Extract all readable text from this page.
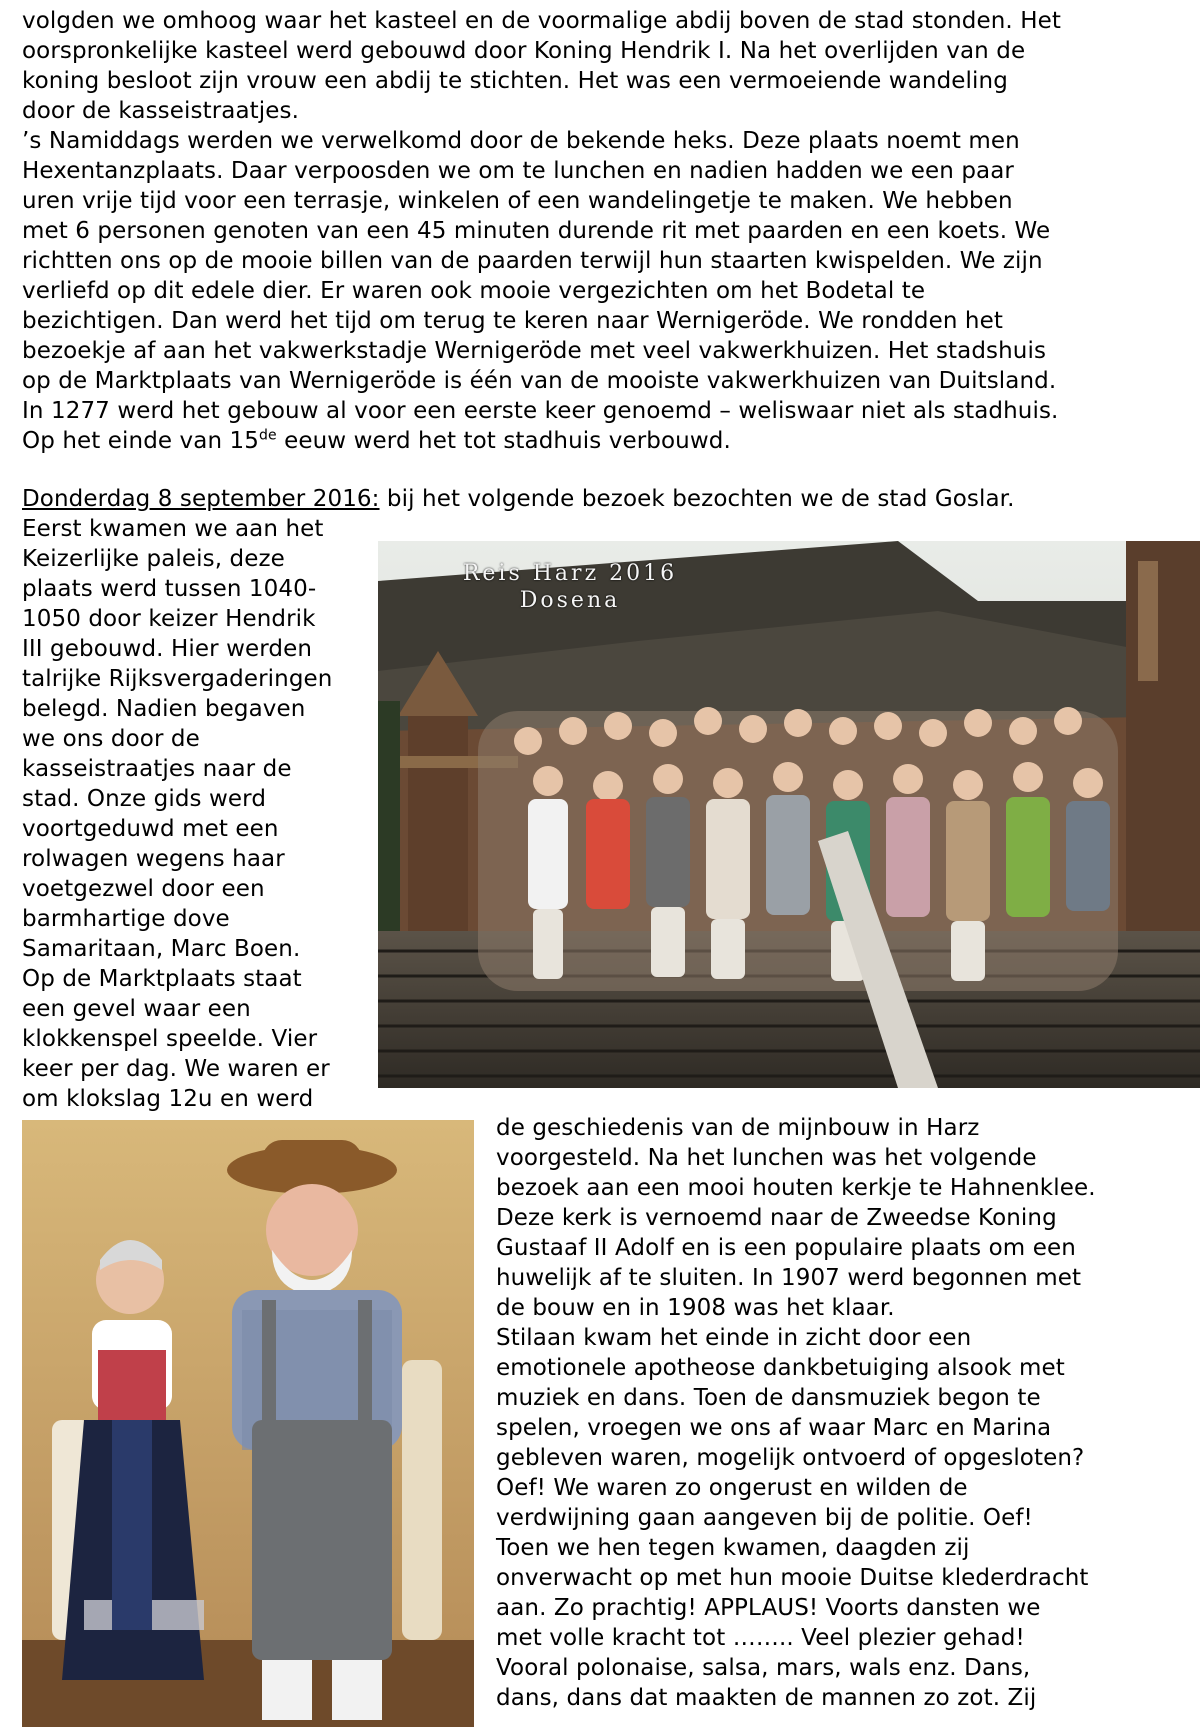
volgden we omhoog waar het kasteel en de voormalige abdij boven de stad stonden. Het
oorspronkelijke kasteel werd gebouwd door Koning Hendrik I. Na het overlijden van de
koning besloot zijn vrouw een abdij te stichten. Het was een vermoeiende wandeling
door de kasseistraatjes.
’s Namiddags werden we verwelkomd door de bekende heks. Deze plaats noemt men
Hexentanzplaats. Daar verpoosden we om te lunchen en nadien hadden we een paar
uren vrije tijd voor een terrasje, winkelen of een wandelingetje te maken. We hebben
met 6 personen genoten van een 45 minuten durende rit met paarden en een koets. We
richtten ons op de mooie billen van de paarden terwijl hun staarten kwispelden. We zijn
verliefd op dit edele dier. Er waren ook mooie vergezichten om het Bodetal te
bezichtigen. Dan werd het tijd om terug te keren naar Wernigeröde. We rondden het
bezoekje af aan het vakwerkstadje Wernigeröde met veel vakwerkhuizen. Het stadshuis
op de Marktplaats van Wernigeröde is één van de mooiste vakwerkhuizen van Duitsland.
In 1277 werd het gebouw al voor een eerste keer genoemd – weliswaar niet als stadhuis.
Op het einde van 15de eeuw werd het tot stadhuis verbouwd.
Donderdag 8 september 2016: bij het volgende bezoek bezochten we de stad Goslar.
Eerst kwamen we aan het
Keizerlijke paleis, deze
plaats werd tussen 1040-
1050 door keizer Hendrik
III gebouwd. Hier werden
talrijke Rijksvergaderingen
belegd. Nadien begaven
we ons door de
kasseistraatjes naar de
stad. Onze gids werd
voortgeduwd met een
rolwagen wegens haar
voetgezwel door een
barmhartige dove
Samaritaan, Marc Boen.
Op de Marktplaats staat
een gevel waar een
klokkenspel speelde. Vier
keer per dag. We waren er
om klokslag 12u en werd
Reis Harz 2016
Dosena
de geschiedenis van de mijnbouw in Harz
voorgesteld. Na het lunchen was het volgende
bezoek aan een mooi houten kerkje te Hahnenklee.
Deze kerk is vernoemd naar de Zweedse Koning
Gustaaf II Adolf en is een populaire plaats om een
huwelijk af te sluiten. In 1907 werd begonnen met
de bouw en in 1908 was het klaar.
Stilaan kwam het einde in zicht door een
emotionele apotheose dankbetuiging alsook met
muziek en dans. Toen de dansmuziek begon te
spelen, vroegen we ons af waar Marc en Marina
gebleven waren, mogelijk ontvoerd of opgesloten?
Oef! We waren zo ongerust en wilden de
verdwijning gaan aangeven bij de politie. Oef!
Toen we hen tegen kwamen, daagden zij
onverwacht op met hun mooie Duitse klederdracht
aan. Zo prachtig! APPLAUS! Voorts dansten we
met volle kracht tot …….. Veel plezier gehad!
Vooral polonaise, salsa, mars, wals enz. Dans,
dans, dans dat maakten de mannen zo zot. Zij
